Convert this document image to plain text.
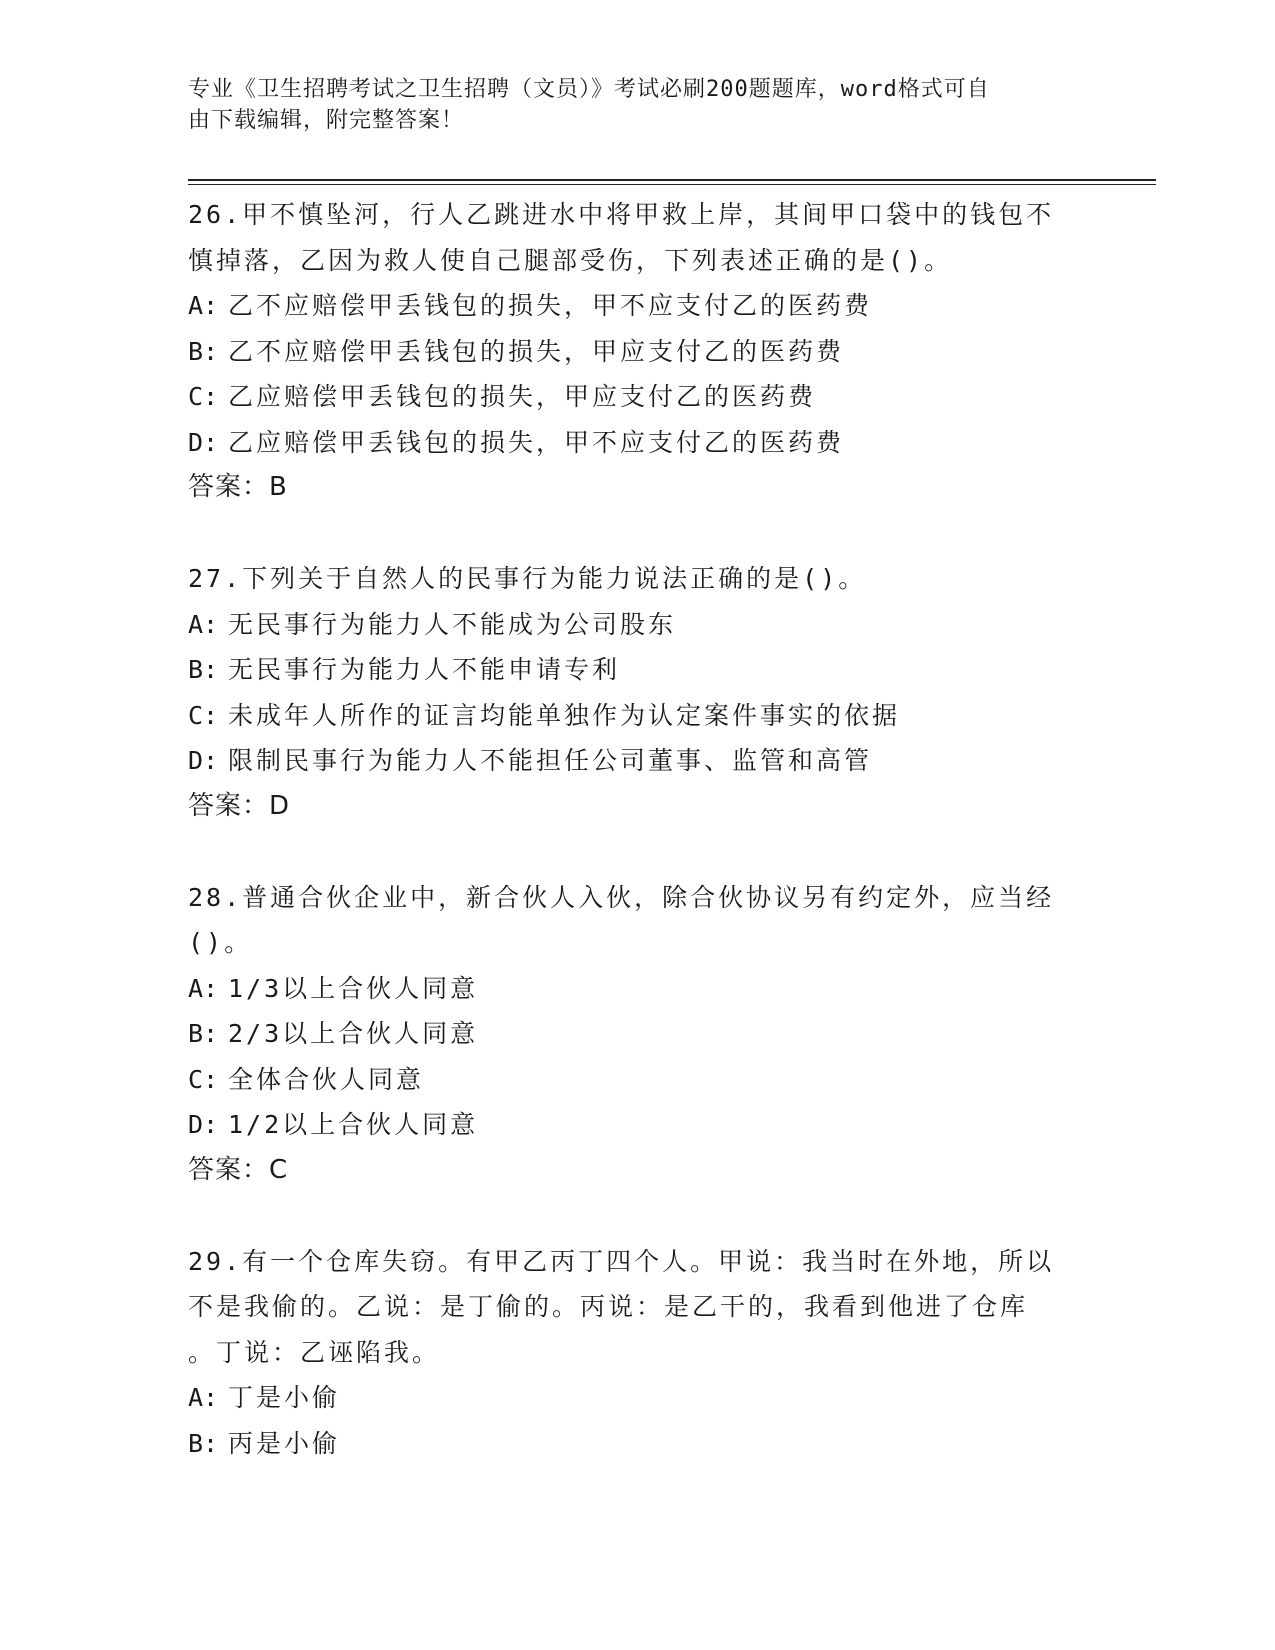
专业《卫生招聘考试之卫生招聘（文员）》考试必刷200题题库，word格式可自
由下载编辑，附完整答案！
26.甲不慎坠河，行人乙跳进水中将甲救上岸，其间甲口袋中的钱包不
慎掉落，乙因为救人使自己腿部受伤，下列表述正确的是()。
A: 乙不应赔偿甲丢钱包的损失，甲不应支付乙的医药费
B: 乙不应赔偿甲丢钱包的损失，甲应支付乙的医药费
C: 乙应赔偿甲丢钱包的损失，甲应支付乙的医药费
D: 乙应赔偿甲丢钱包的损失，甲不应支付乙的医药费
答案：B
27.下列关于自然人的民事行为能力说法正确的是()。
A: 无民事行为能力人不能成为公司股东
B: 无民事行为能力人不能申请专利
C: 未成年人所作的证言均能单独作为认定案件事实的依据
D: 限制民事行为能力人不能担任公司董事、监管和高管
答案：D
28.普通合伙企业中，新合伙人入伙，除合伙协议另有约定外，应当经
()。
A: 1/3以上合伙人同意
B: 2/3以上合伙人同意
C: 全体合伙人同意
D: 1/2以上合伙人同意
答案：C
29.有一个仓库失窃。有甲乙丙丁四个人。甲说：我当时在外地，所以
不是我偷的。乙说：是丁偷的。丙说：是乙干的，我看到他进了仓库
。丁说：乙诬陷我。
A: 丁是小偷
B: 丙是小偷
